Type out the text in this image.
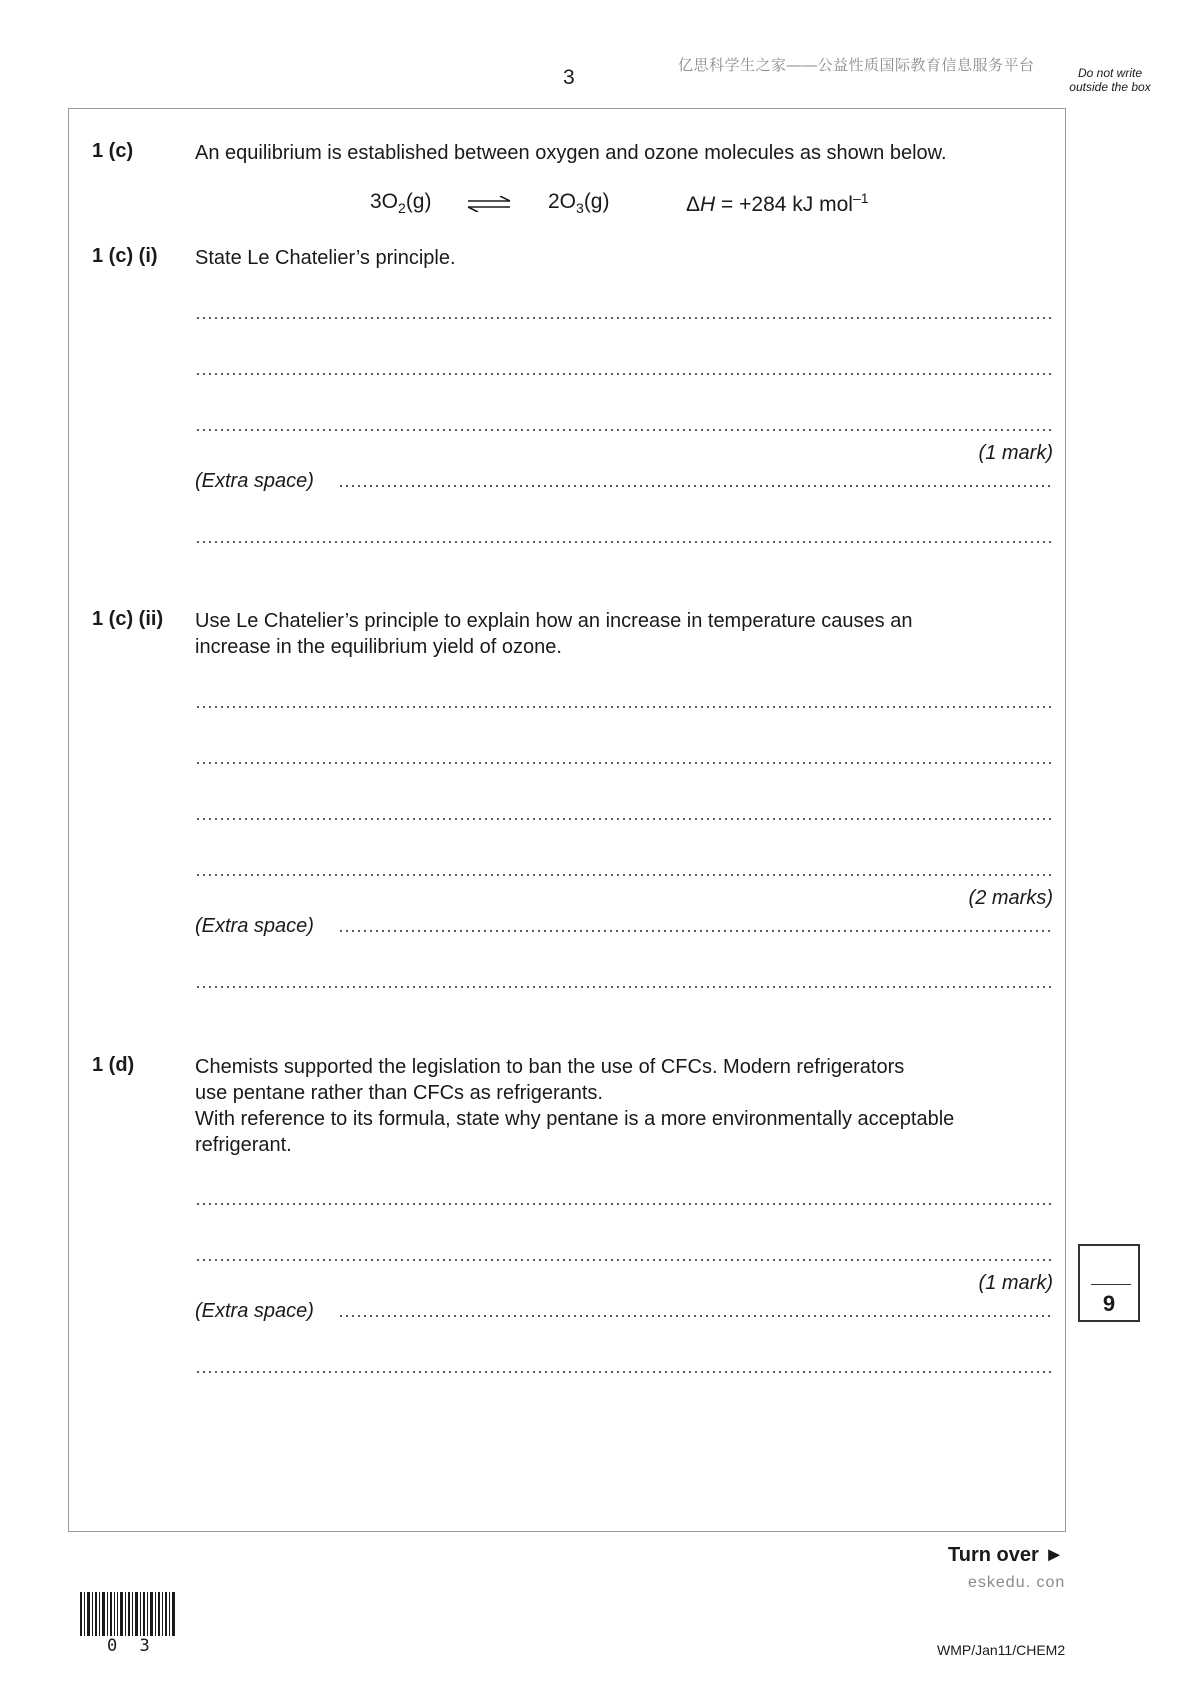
3
亿思科学生之家——公益性质国际教育信息服务平台	Do not write outside the box
1 (c)	An equilibrium is established between oxygen and ozone molecules as shown below.
$3O_2(g)$	$2O_3(g)$	ΔH = +284 kJ mol$^{-1}$
1 (c) (i) State Le Chatelier’s principle.
(1 mark)
(Extra space)
1 (c) (ii) Use Le Chatelier’s principle to explain how an increase in temperature causes an
increase in the equilibrium yield of ozone.
(2 marks)
(Extra space)
1 (d)	Chemists supported the legislation to ban the use of CFCs. Modern refrigerators
use pentane rather than CFCs as refrigerants.
With reference to its formula, state why pentane is a more environmentally acceptable
refrigerant.
(1 mark)
(Extra space)	9
Turn over ►
eskedu. con
0 3	WMP/Jan11/CHEM2
